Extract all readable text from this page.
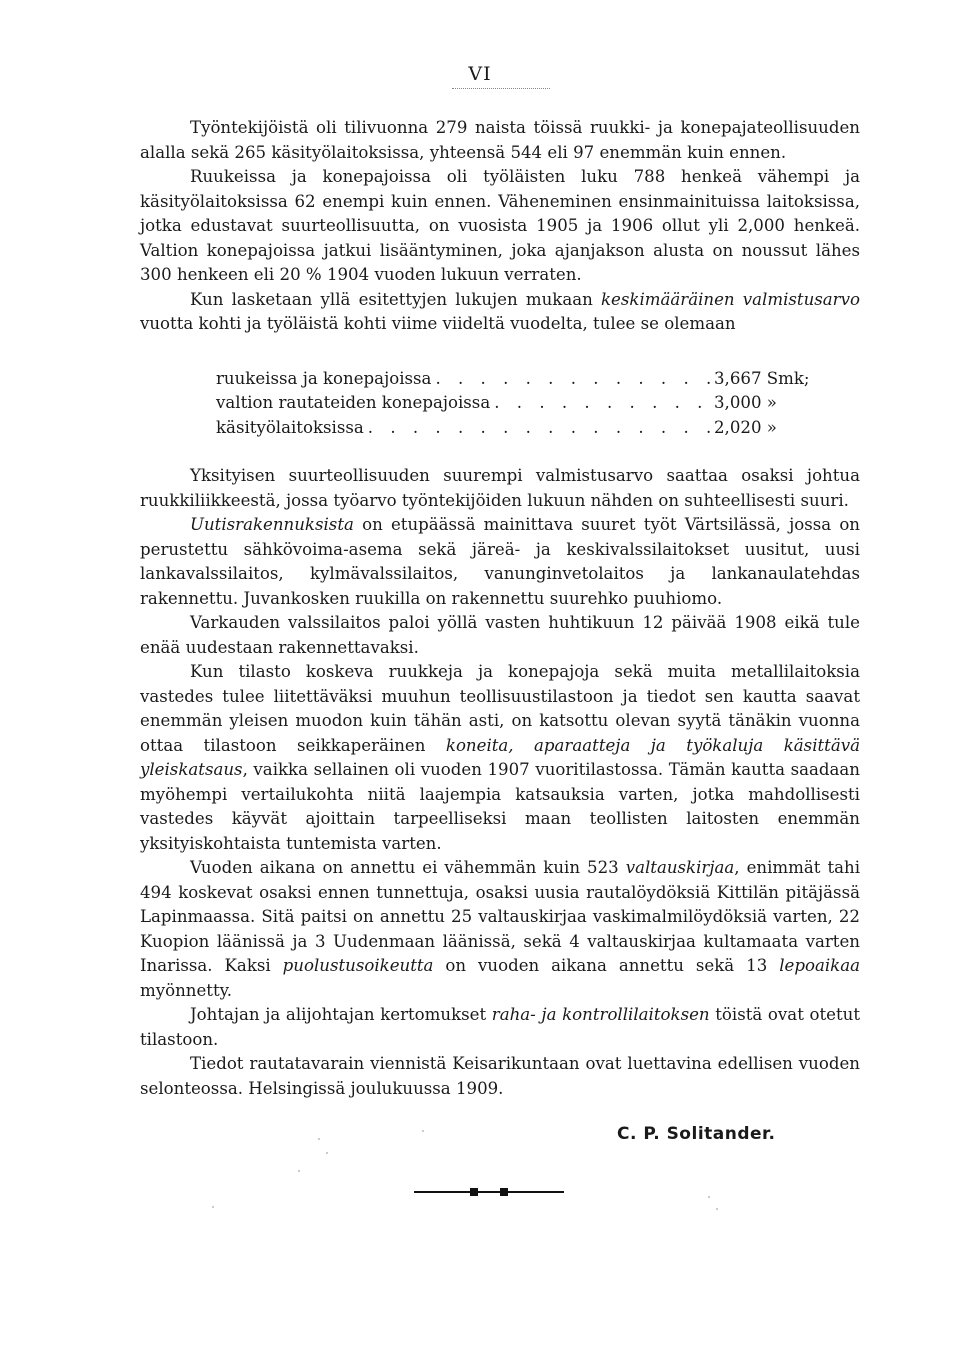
VI

Työntekijöistä oli tilivuonna 279 naista töissä ruukki- ja konepajateollisuuden alalla sekä 265 käsityölaitoksissa, yhteensä 544 eli 97 enemmän kuin ennen.

Ruukeissa ja konepajoissa oli työläisten luku 788 henkeä vähempi ja käsityölaitoksissa 62 enempi kuin ennen. Väheneminen ensinmainituissa laitoksissa, jotka edustavat suurteollisuutta, on vuosista 1905 ja 1906 ollut yli 2,000 henkeä. Valtion konepajoissa jatkui lisääntyminen, joka ajanjakson alusta on noussut lähes 300 henkeen eli 20 % 1904 vuoden lukuun verraten.

Kun lasketaan yllä esitettyjen lukujen mukaan keskimääräinen valmistusarvo vuotta kohti ja työläistä kohti viime viideltä vuodelta, tulee se olemaan

ruukeissa ja konepajoissa . . .	3,667 Smk;
valtion rautateiden konepajoissa . . .	3,000 »
käsityölaitoksissa . . .	2,020 »

Yksityisen suurteollisuuden suurempi valmistusarvo saattaa osaksi johtua ruukkiliikkeestä, jossa työarvo työntekijöiden lukuun nähden on suhteellisesti suuri.

Uutisrakennuksista on etupäässä mainittava suuret työt Värtsilässä, jossa on perustettu sähkövoima-asema sekä järeä- ja keskivalssilaitokset uusitut, uusi lankavalssilaitos, kylmävalssilaitos, vanunginvetolaitos ja lankanaulatehdas rakennettu. Juvankosken ruukilla on rakennettu suurehko puuhiomo.

Varkauden valssilaitos paloi yöllä vasten huhtikuun 12 päivää 1908 eikä tule enää uudestaan rakennettavaksi.

Kun tilasto koskeva ruukkeja ja konepajoja sekä muita metallilaitoksia vastedes tulee liitettäväksi muuhun teollisuustilastoon ja tiedot sen kautta saavat enemmän yleisen muodon kuin tähän asti, on katsottu olevan syytä tänäkin vuonna ottaa tilastoon seikkaperäinen koneita, aparaatteja ja työkaluja käsittävä yleiskatsaus, vaikka sellainen oli vuoden 1907 vuoritilastossa. Tämän kautta saadaan myöhempi vertailukohta niitä laajempia katsauksia varten, jotka mahdollisesti vastedes käyvät ajoittain tarpeelliseksi maan teollisten laitosten enemmän yksityiskohtaista tuntemista varten.

Vuoden aikana on annettu ei vähemmän kuin 523 valtauskirjaa, enimmät tahi 494 koskevat osaksi ennen tunnettuja, osaksi uusia rautalöydöksiä Kittilän pitäjässä Lapinmaassa. Sitä paitsi on annettu 25 valtauskirjaa vaskimalmilöydöksiä varten, 22 Kuopion läänissä ja 3 Uudenmaan läänissä, sekä 4 valtauskirjaa kultamaata varten Inarissa. Kaksi puolustusoikeutta on vuoden aikana annettu sekä 13 lepoaikaa myönnetty.

Johtajan ja alijohtajan kertomukset raha- ja kontrollilaitoksen töistä ovat otetut tilastoon.

Tiedot rautatavarain viennistä Keisarikuntaan ovat luettavina edellisen vuoden selonteossa. Helsingissä joulukuussa 1909.

C. P. Solitander.
